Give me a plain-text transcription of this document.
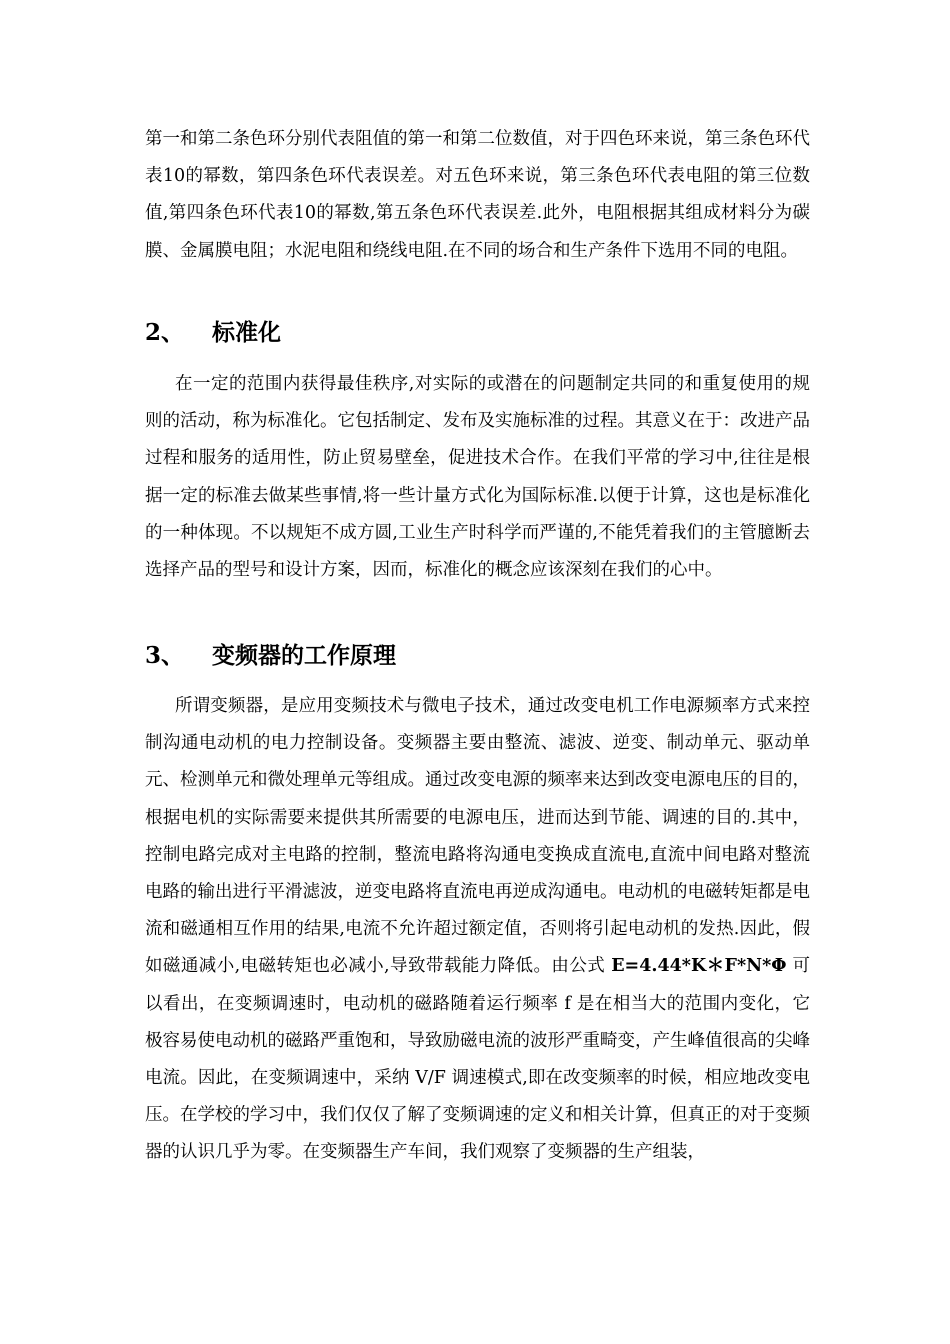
第一和第二条色环分别代表阻值的第一和第二位数值，对于四色环来说，第三条色环代表10的幂数，第四条色环代表误差。对五色环来说，第三条色环代表电阻的第三位数值,第四条色环代表10的幂数,第五条色环代表误差.此外，电阻根据其组成材料分为碳膜、金属膜电阻；水泥电阻和绕线电阻.在不同的场合和生产条件下选用不同的电阻。

2、 标准化

在一定的范围内获得最佳秩序,对实际的或潜在的问题制定共同的和重复使用的规则的活动，称为标准化。它包括制定、发布及实施标准的过程。其意义在于：改进产品过程和服务的适用性，防止贸易壁垒，促进技术合作。在我们平常的学习中,往往是根据一定的标准去做某些事情,将一些计量方式化为国际标准.以便于计算，这也是标准化的一种体现。不以规矩不成方圆,工业生产时科学而严谨的,不能凭着我们的主管臆断去选择产品的型号和设计方案，因而，标准化的概念应该深刻在我们的心中。

3、 变频器的工作原理

所谓变频器，是应用变频技术与微电子技术，通过改变电机工作电源频率方式来控制沟通电动机的电力控制设备。变频器主要由整流、滤波、逆变、制动单元、驱动单元、检测单元和微处理单元等组成。通过改变电源的频率来达到改变电源电压的目的，根据电机的实际需要来提供其所需要的电源电压，进而达到节能、调速的目的.其中，控制电路完成对主电路的控制，整流电路将沟通电变换成直流电,直流中间电路对整流电路的输出进行平滑滤波，逆变电路将直流电再逆成沟通电。电动机的电磁转矩都是电流和磁通相互作用的结果,电流不允许超过额定值，否则将引起电动机的发热.因此，假如磁通减小,电磁转矩也必减小,导致带载能力降低。由公式 E=4.44*K＊F*N*Φ 可以看出，在变频调速时，电动机的磁路随着运行频率 f 是在相当大的范围内变化，它极容易使电动机的磁路严重饱和，导致励磁电流的波形严重畸变，产生峰值很高的尖峰电流。因此，在变频调速中，采纳 V/F 调速模式,即在改变频率的时候，相应地改变电压。在学校的学习中，我们仅仅了解了变频调速的定义和相关计算，但真正的对于变频器的认识几乎为零。在变频器生产车间，我们观察了变频器的生产组装，
